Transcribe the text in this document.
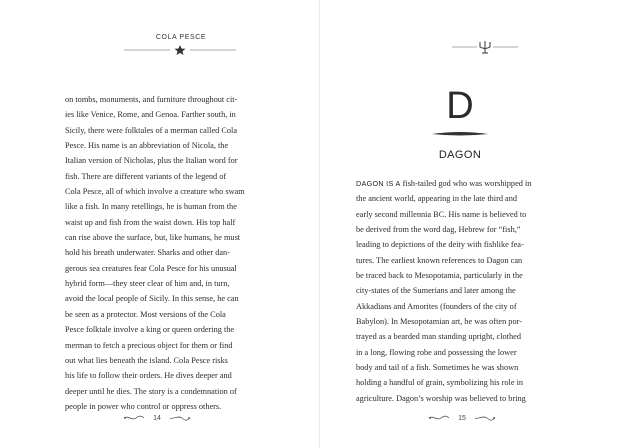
COLA PESCE
on tombs, monuments, and furniture throughout cit-
ies like Venice, Rome, and Genoa. Farther south, in
Sicily, there were folktales of a merman called Cola
Pesce. His name is an abbreviation of Nicola, the
Italian version of Nicholas, plus the Italian word for
fish. There are different variants of the legend of
Cola Pesce, all of which involve a creature who swam
like a fish. In many retellings, he is human from the
waist up and fish from the waist down. His top half
can rise above the surface, but, like humans, he must
hold his breath underwater. Sharks and other dan-
gerous sea creatures fear Cola Pesce for his unusual
hybrid form—they steer clear of him and, in turn,
avoid the local people of Sicily. In this sense, he can
be seen as a protector. Most versions of the Cola
Pesce folktale involve a king or queen ordering the
merman to fetch a precious object for them or find
out what lies beneath the island. Cola Pesce risks
his life to follow their orders. He dives deeper and
deeper until he dies. The story is a condemnation of
people in power who control or oppress others.
14
D
DAGON
DAGON IS A fish-tailed god who was worshipped in
the ancient world, appearing in the late third and
early second millennia BC. His name is believed to
be derived from the word dag, Hebrew for “fish,”
leading to depictions of the deity with fishlike fea-
tures. The earliest known references to Dagon can
be traced back to Mesopotamia, particularly in the
city-states of the Sumerians and later among the
Akkadians and Amorites (founders of the city of
Babylon). In Mesopotamian art, he was often por-
trayed as a bearded man standing upright, clothed
in a long, flowing robe and possessing the lower
body and tail of a fish. Sometimes he was shown
holding a handful of grain, symbolizing his role in
agriculture. Dagon’s worship was believed to bring
15
